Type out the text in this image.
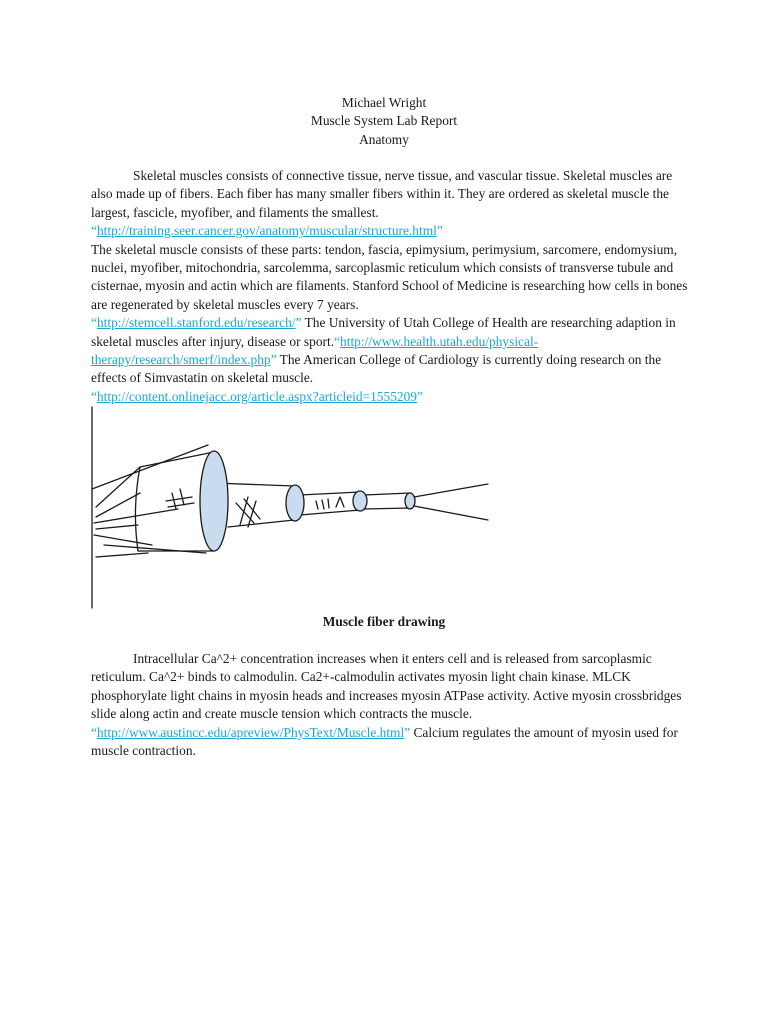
Michael Wright
Muscle System Lab Report
Anatomy

Skeletal muscles consists of connective tissue, nerve tissue, and vascular tissue. Skeletal muscles are also made up of fibers. Each fiber has many smaller fibers within it. They are ordered as skeletal muscle the largest, fascicle, myofiber, and filaments the smallest. “http://training.seer.cancer.gov/anatomy/muscular/structure.html”

The skeletal muscle consists of these parts: tendon, fascia, epimysium, perimysium, sarcomere, endomysium, nuclei, myofiber, mitochondria, sarcolemma, sarcoplasmic reticulum which consists of transverse tubule and cisternae, myosin and actin which are filaments. Stanford School of Medicine is researching how cells in bones are regenerated by skeletal muscles every 7 years.
“http://stemcell.stanford.edu/research/” The University of Utah College of Health are researching adaption in skeletal muscles after injury, disease or sport.“http://www.health.utah.edu/physical-therapy/research/smerf/index.php” The American College of Cardiology is currently doing research on the effects of Simvastatin on skeletal muscle.
“http://content.onlinejacc.org/article.aspx?articleid=1555209”

Muscle fiber drawing

Intracellular Ca^2+ concentration increases when it enters cell and is released from sarcoplasmic reticulum. Ca^2+ binds to calmodulin. Ca2+-calmodulin activates myosin light chain kinase. MLCK phosphorylate light chains in myosin heads and increases myosin ATPase activity. Active myosin crossbridges slide along actin and create muscle tension which contracts the muscle.
“http://www.austincc.edu/apreview/PhysText/Muscle.html” Calcium regulates the amount of myosin used for muscle contraction.
